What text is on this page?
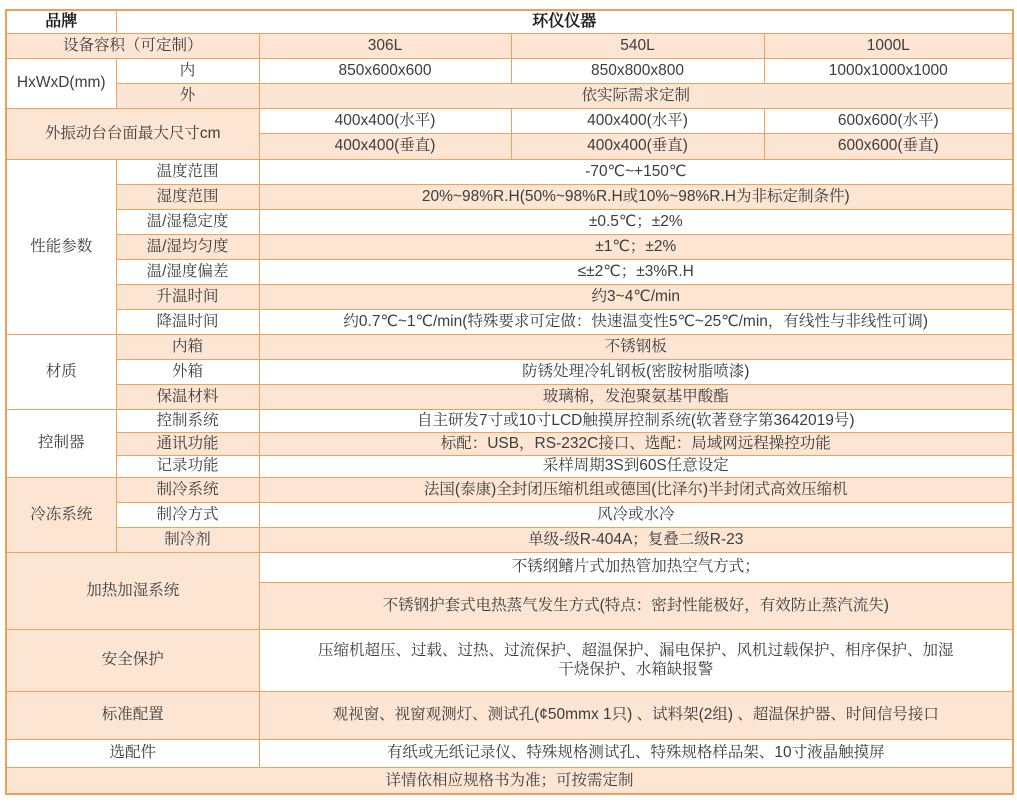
品牌	环仪仪器			
设备容积（可定制）		306L	540L	1000L
HxWxD(mm)	内	850x600x600	850x800x800	1000x1000x1000
	外	依实际需求定制		
外振动台台面最大尺寸cm		400x400(水平)	400x400(水平)	600x600(水平)
		400x400(垂直)	400x400(垂直)	600x600(垂直)
性能参数	温度范围	-70℃~+150℃		
	湿度范围	20%~98%R.H(50%~98%R.H或10%~98%R.H为非标定制条件)		
	温/湿稳定度	±0.5℃；±2%		
	温/湿均匀度	±1℃；±2%		
	温/湿度偏差	≤±2℃；±3%R.H		
	升温时间	约3~4℃/min		
	降温时间	约0.7℃~1℃/min(特殊要求可定做：快速温变性5℃~25℃/min，有线性与非线性可调)		
材质	内箱	不锈钢板		
	外箱	防锈处理冷轧钢板(密胺树脂喷漆)		
	保温材料	玻璃棉，发泡聚氨基甲酸酯		
控制器	控制系统	自主研发7寸或10寸LCD触摸屏控制系统(软著登字第3642019号)		
	通讯功能	标配：USB，RS-232C接口、选配：局域网远程操控功能		
	记录功能	采样周期3S到60S任意设定		
冷冻系统	制冷系统	法国(泰康)全封闭压缩机组或德国(比泽尔)半封闭式高效压缩机		
	制冷方式	风冷或水冷		
	制冷剂	单级-级R-404A；复叠二级R-23		
加热加湿系统		不锈纲鳍片式加热管加热空气方式；		
		不锈钢护套式电热蒸气发生方式(特点：密封性能极好，有效防止蒸汽流失)		
安全保护		压缩机超压、过载、过热、过流保护、超温保护、漏电保护、风机过载保护、相序保护、加湿干烧保护、水箱缺报警		
标准配置		观视窗、视窗观测灯、测试孔(¢50mmx 1只) 、试料架(2组) 、超温保护器、时间信号接口		
选配件		有纸或无纸记录仪、特殊规格测试孔、特殊规格样品架、10寸液晶触摸屏		
详情依相应规格书为准；可按需定制				
